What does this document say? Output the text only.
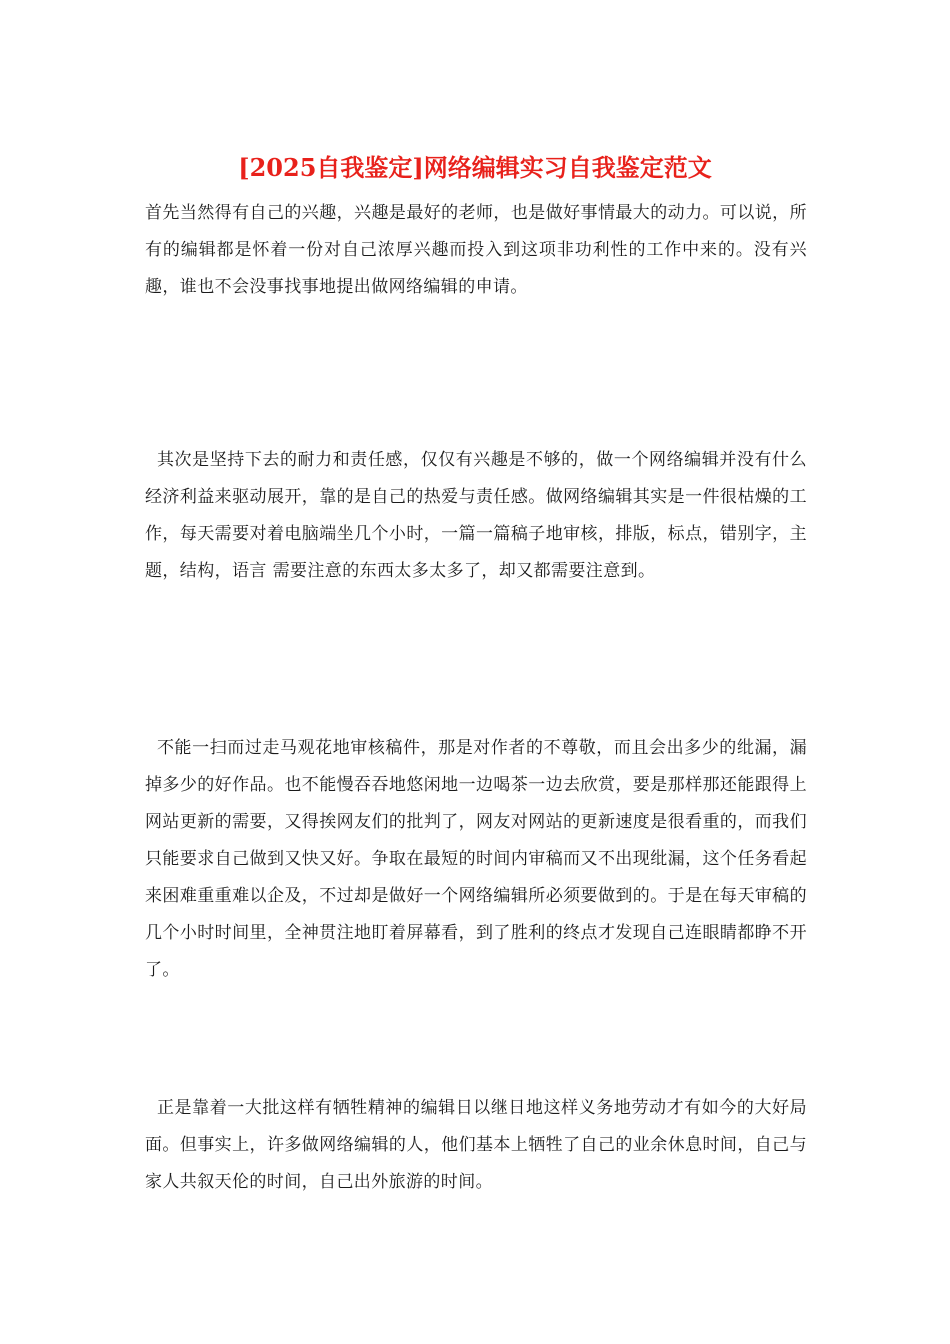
[2025自我鉴定]网络编辑实习自我鉴定范文

首先当然得有自己的兴趣，兴趣是最好的老师，也是做好事情最大的动力。可以说，所有的编辑都是怀着一份对自己浓厚兴趣而投入到这项非功利性的工作中来的。没有兴趣，谁也不会没事找事地提出做网络编辑的申请。

其次是坚持下去的耐力和责任感，仅仅有兴趣是不够的，做一个网络编辑并没有什么经济利益来驱动展开，靠的是自己的热爱与责任感。做网络编辑其实是一件很枯燥的工作，每天需要对着电脑端坐几个小时，一篇一篇稿子地审核，排版，标点，错别字，主题，结构，语言 需要注意的东西太多太多了，却又都需要注意到。

不能一扫而过走马观花地审核稿件，那是对作者的不尊敬，而且会出多少的纰漏，漏掉多少的好作品。也不能慢吞吞地悠闲地一边喝茶一边去欣赏，要是那样那还能跟得上网站更新的需要，又得挨网友们的批判了，网友对网站的更新速度是很看重的，而我们只能要求自己做到又快又好。争取在最短的时间内审稿而又不出现纰漏，这个任务看起来困难重重难以企及，不过却是做好一个网络编辑所必须要做到的。于是在每天审稿的几个小时时间里，全神贯注地盯着屏幕看，到了胜利的终点才发现自己连眼睛都睁不开了。

正是靠着一大批这样有牺牲精神的编辑日以继日地这样义务地劳动才有如今的大好局面。但事实上，许多做网络编辑的人，他们基本上牺牲了自己的业余休息时间，自己与家人共叙天伦的时间，自己出外旅游的时间。
